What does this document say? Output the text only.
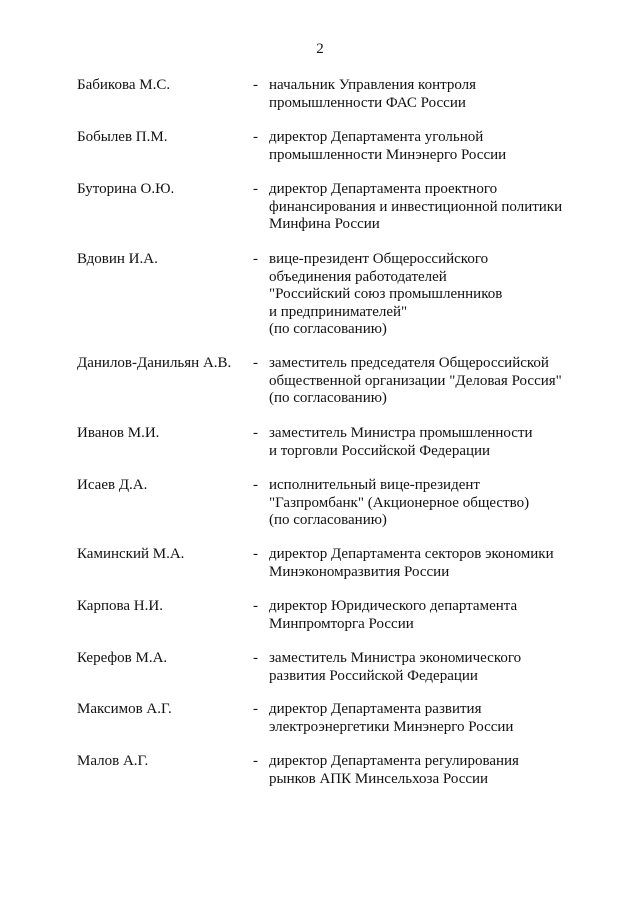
2
Бабикова М.С.	- начальник Управления контроля
промышленности ФАС России
Бобылев П.М.	- директор Департамента угольной
промышленности Минэнерго России
Буторина О.Ю.	- директор Департамента проектного
финансирования и инвестиционной политики
Минфина России
Вдовин И.А.	- вице-президент Общероссийского
объединения работодателей
"Российский союз промышленников
и предпринимателей"
(по согласованию)
Данилов-Данильян А.В. - заместитель председателя Общероссийской
общественной организации "Деловая Россия"
(по согласованию)
Иванов М.И.	- заместитель Министра промышленности
и торговли Российской Федерации
Исаев Д.А.	- исполнительный вице-президент
"Газпромбанк" (Акционерное общество)
(по согласованию)
Каминский М.А.	- директор Департамента секторов экономики
Минэкономразвития России
Карпова Н.И.	- директор Юридического департамента
Минпромторга России
Керефов М.А.	- заместитель Министра экономического
развития Российской Федерации
Максимов А.Г.	- директор Департамента развития
электроэнергетики Минэнерго России
Малов А.Г.	- директор Департамента регулирования
рынков АПК Минсельхоза России
